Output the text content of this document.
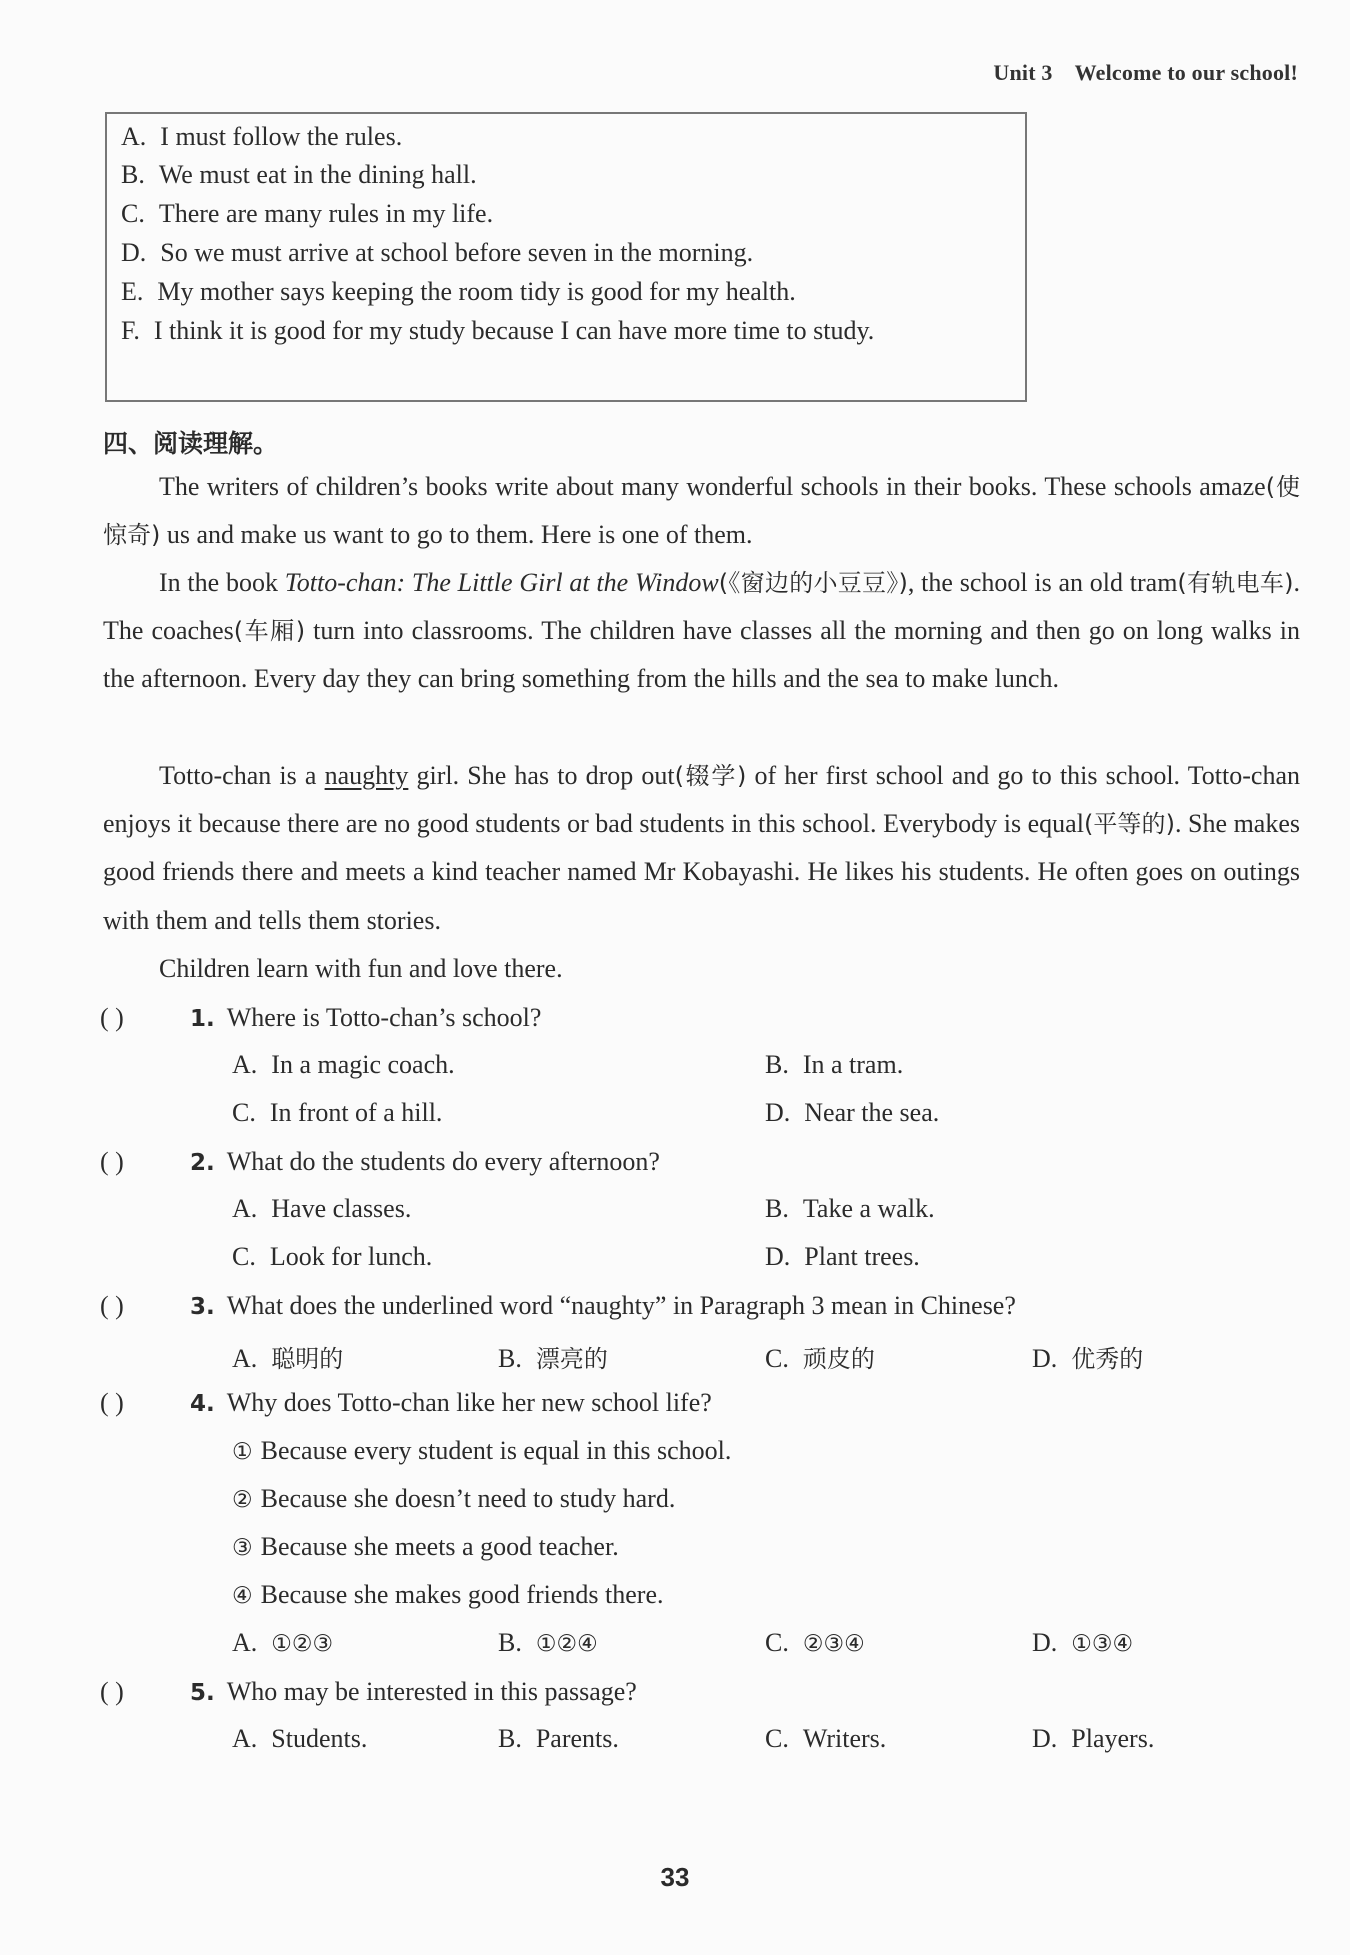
Unit 3 Welcome to our school!
A. I must follow the rules.
B. We must eat in the dining hall.
C. There are many rules in my life.
D. So we must arrive at school before seven in the morning.
E. My mother says keeping the room tidy is good for my health.
F. I think it is good for my study because I can have more time to study.
四、阅读理解。

The writers of children’s books write about many wonderful schools in their books. These schools amaze(使惊奇) us and make us want to go to them. Here is one of them.

In the book Totto-chan: The Little Girl at the Window(《窗边的小豆豆》), the school is an old tram(有轨电车). The coaches(车厢) turn into classrooms. The children have classes all the morning and then go on long walks in the afternoon. Every day they can bring something from the hills and the sea to make lunch.

Totto-chan is a naughty girl. She has to drop out(辍学) of her first school and go to this school. Totto-chan enjoys it because there are no good students or bad students in this school. Everybody is equal(平等的). She makes good friends there and meets a kind teacher named Mr Kobayashi. He likes his students. He often goes on outings with them and tells them stories.

Children learn with fun and love there.

( )	1. Where is Totto-chan’s school?
A. In a magic coach.	B. In a tram.
C. In front of a hill.	D. Near the sea.
( )	2. What do the students do every afternoon?
A. Have classes.	B. Take a walk.
C. Look for lunch.	D. Plant trees.
( )	3. What does the underlined word “naughty” in Paragraph 3 mean in Chinese?
A. 聪明的	B. 漂亮的	C. 顽皮的	D. 优秀的
( )	4. Why does Totto-chan like her new school life?
① Because every student is equal in this school.
② Because she doesn’t need to study hard.
③ Because she meets a good teacher.
④ Because she makes good friends there.
A. ①②③	B. ①②④	C. ②③④	D. ①③④
( )	5. Who may be interested in this passage?
A. Students.	B. Parents.	C. Writers.	D. Players.
33
